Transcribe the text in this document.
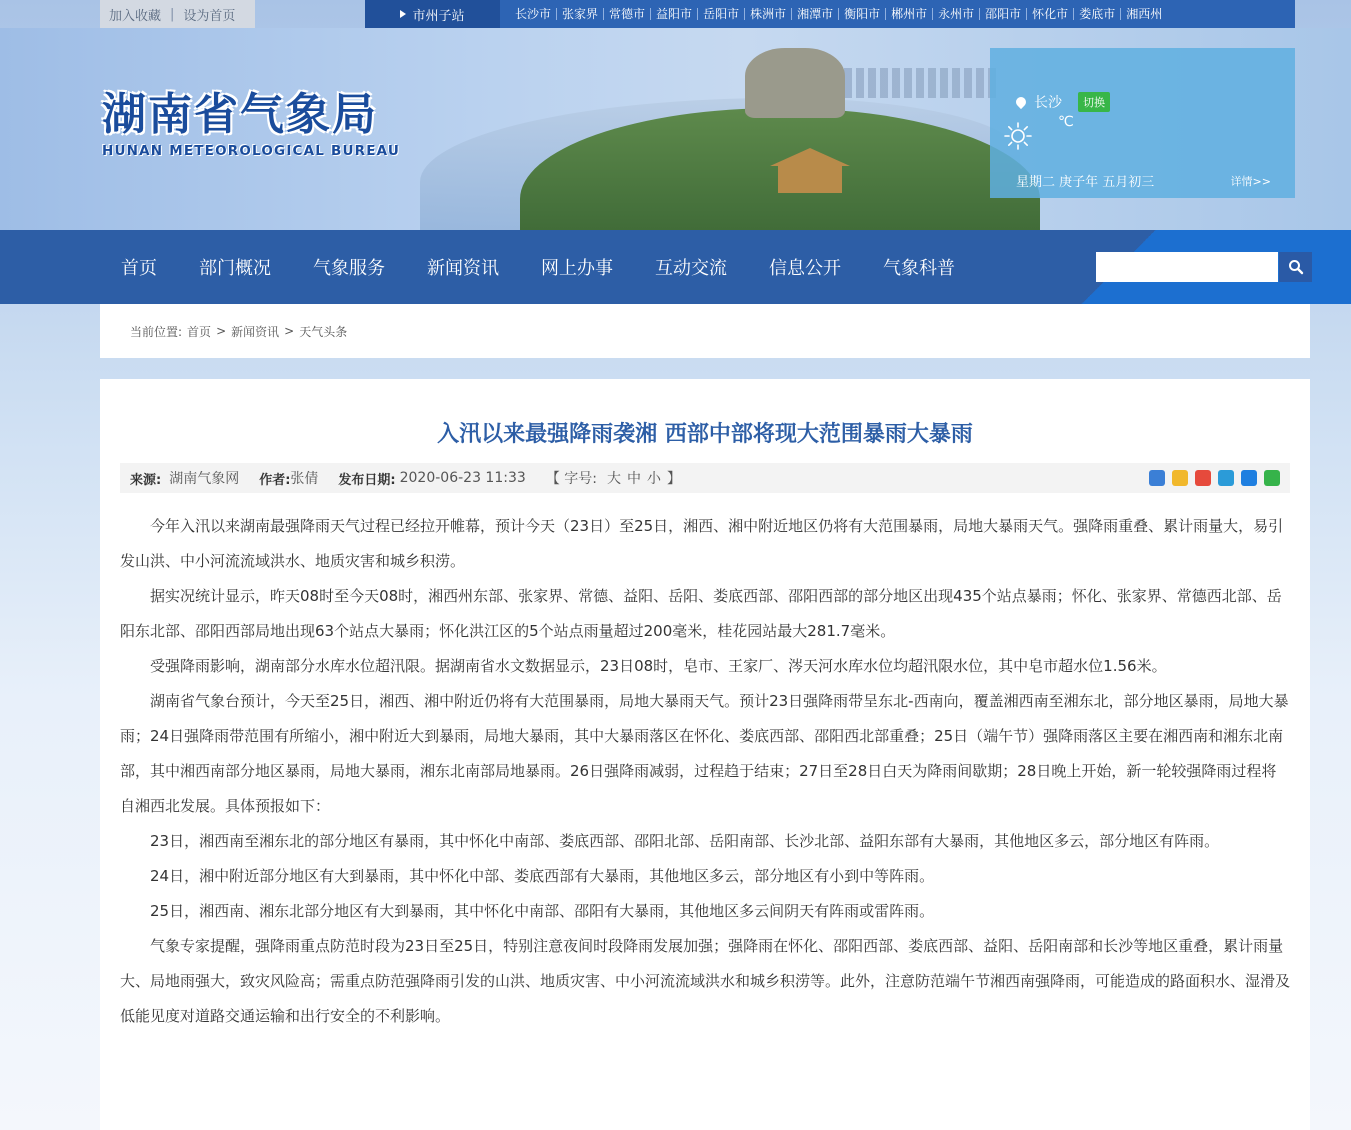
加入收藏 | 设为首页	市州子站	长沙市 张家界 常德市 益阳市 岳阳市 株洲市 湘潭市 衡阳市 郴州市 永州市 邵阳市 怀化市 娄底市 湘西州
湖南省气象局
HUNAN METEOROLOGICAL BUREAU
长沙	切换
℃
星期二 庚子年 五月初三	详情>>
首页	部门概况	气象服务	新闻资讯	网上办事	互动交流	信息公开	气象科普
当前位置: 首页 > 新闻资讯 > 天气头条
入汛以来最强降雨袭湘 西部中部将现大范围暴雨大暴雨
来源: 湖南气象网 作者: 张倩 发布日期: 2020-06-23 11:33 【 字号: 大 中 小 】

今年入汛以来湖南最强降雨天气过程已经拉开帷幕，预计今天（23日）至25日，湘西、湘中附近地区仍将有大范围暴雨，局地大暴雨天气。强降雨重叠、累计雨量大，易引发山洪、中小河流流域洪水、地质灾害和城乡积涝。

据实况统计显示，昨天08时至今天08时，湘西州东部、张家界、常德、益阳、岳阳、娄底西部、邵阳西部的部分地区出现435个站点暴雨；怀化、张家界、常德西北部、岳阳东北部、邵阳西部局地出现63个站点大暴雨；怀化洪江区的5个站点雨量超过200毫米，桂花园站最大281.7毫米。

受强降雨影响，湖南部分水库水位超汛限。据湖南省水文数据显示，23日08时，皂市、王家厂、涔天河水库水位均超汛限水位，其中皂市超水位1.56米。

湖南省气象台预计，今天至25日，湘西、湘中附近仍将有大范围暴雨，局地大暴雨天气。预计23日强降雨带呈东北-西南向，覆盖湘西南至湘东北，部分地区暴雨，局地大暴雨；24日强降雨带范围有所缩小，湘中附近大到暴雨，局地大暴雨，其中大暴雨落区在怀化、娄底西部、邵阳西北部重叠；25日（端午节）强降雨落区主要在湘西南和湘东北南部，其中湘西南部分地区暴雨，局地大暴雨，湘东北南部局地暴雨。26日强降雨减弱，过程趋于结束；27日至28日白天为降雨间歇期；28日晚上开始，新一轮较强降雨过程将自湘西北发展。具体预报如下：

23日，湘西南至湘东北的部分地区有暴雨，其中怀化中南部、娄底西部、邵阳北部、岳阳南部、长沙北部、益阳东部有大暴雨，其他地区多云，部分地区有阵雨。

24日，湘中附近部分地区有大到暴雨，其中怀化中部、娄底西部有大暴雨，其他地区多云，部分地区有小到中等阵雨。

25日，湘西南、湘东北部分地区有大到暴雨，其中怀化中南部、邵阳有大暴雨，其他地区多云间阴天有阵雨或雷阵雨。

气象专家提醒，强降雨重点防范时段为23日至25日，特别注意夜间时段降雨发展加强；强降雨在怀化、邵阳西部、娄底西部、益阳、岳阳南部和长沙等地区重叠，累计雨量大、局地雨强大，致灾风险高；需重点防范强降雨引发的山洪、地质灾害、中小河流流域洪水和城乡积涝等。此外，注意防范端午节湘西南强降雨，可能造成的路面积水、湿滑及低能见度对道路交通运输和出行安全的不利影响。
